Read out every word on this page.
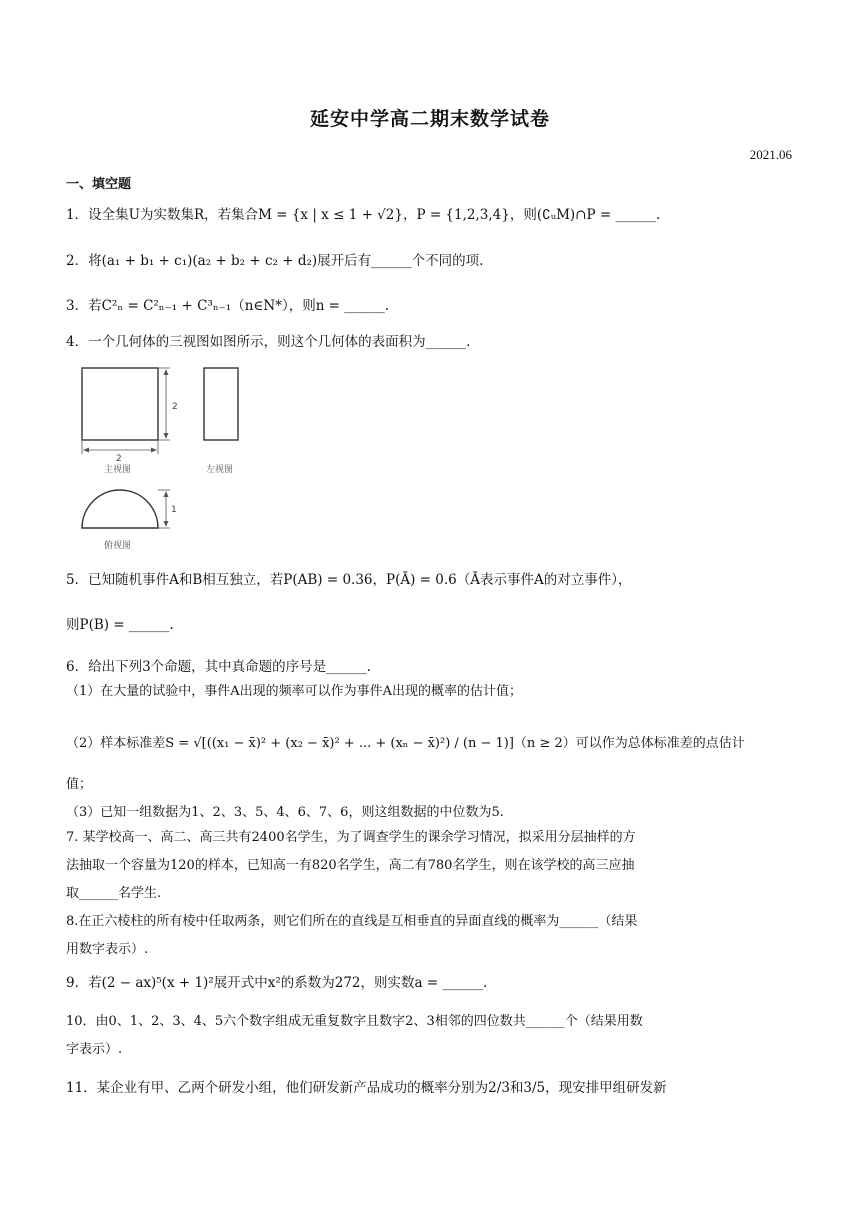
延安中学高二期末数学试卷
2021.06
一、填空题
1．设全集U为实数集R，若集合M = {x | x ≤ 1 + √2}，P = {1,2,3,4}，则(∁ᵤM)∩P = ______.
2．将(a₁ + b₁ + c₁)(a₂ + b₂ + c₂ + d₂)展开后有______个不同的项.
3．若C²ₙ = C²ₙ₋₁ + C³ₙ₋₁（n∈N*），则n = ______.
4．一个几何体的三视图如图所示，则这个几何体的表面积为______.
2
2
主视图	左视图
1
俯视图
5．已知随机事件A和B相互独立，若P(AB) = 0.36，P(Ā) = 0.6（Ā表示事件A的对立事件），
则P(B) = ______.
6．给出下列3个命题，其中真命题的序号是______.
（1）在大量的试验中，事件A出现的频率可以作为事件A出现的概率的估计值；
（2）样本标准差S = √[((x₁ − x̄)² + (x₂ − x̄)² + ... + (xₙ − x̄)²) / (n − 1)]（n ≥ 2）可以作为总体标准差的点估计
值；
（3）已知一组数据为1、2、3、5、4、6、7、6，则这组数据的中位数为5.
7. 某学校高一、高二、高三共有2400名学生，为了调查学生的课余学习情况，拟采用分层抽样的方
法抽取一个容量为120的样本，已知高一有820名学生，高二有780名学生，则在该学校的高三应抽
取______名学生.
8.在正六棱柱的所有棱中任取两条，则它们所在的直线是互相垂直的异面直线的概率为______（结果
用数字表示）.
9．若(2 − ax)⁵(x + 1)²展开式中x²的系数为272，则实数a = ______.
10．由0、1、2、3、4、5六个数字组成无重复数字且数字2、3相邻的四位数共______个（结果用数
字表示）.
11．某企业有甲、乙两个研发小组，他们研发新产品成功的概率分别为2/3和3/5，现安排甲组研发新
